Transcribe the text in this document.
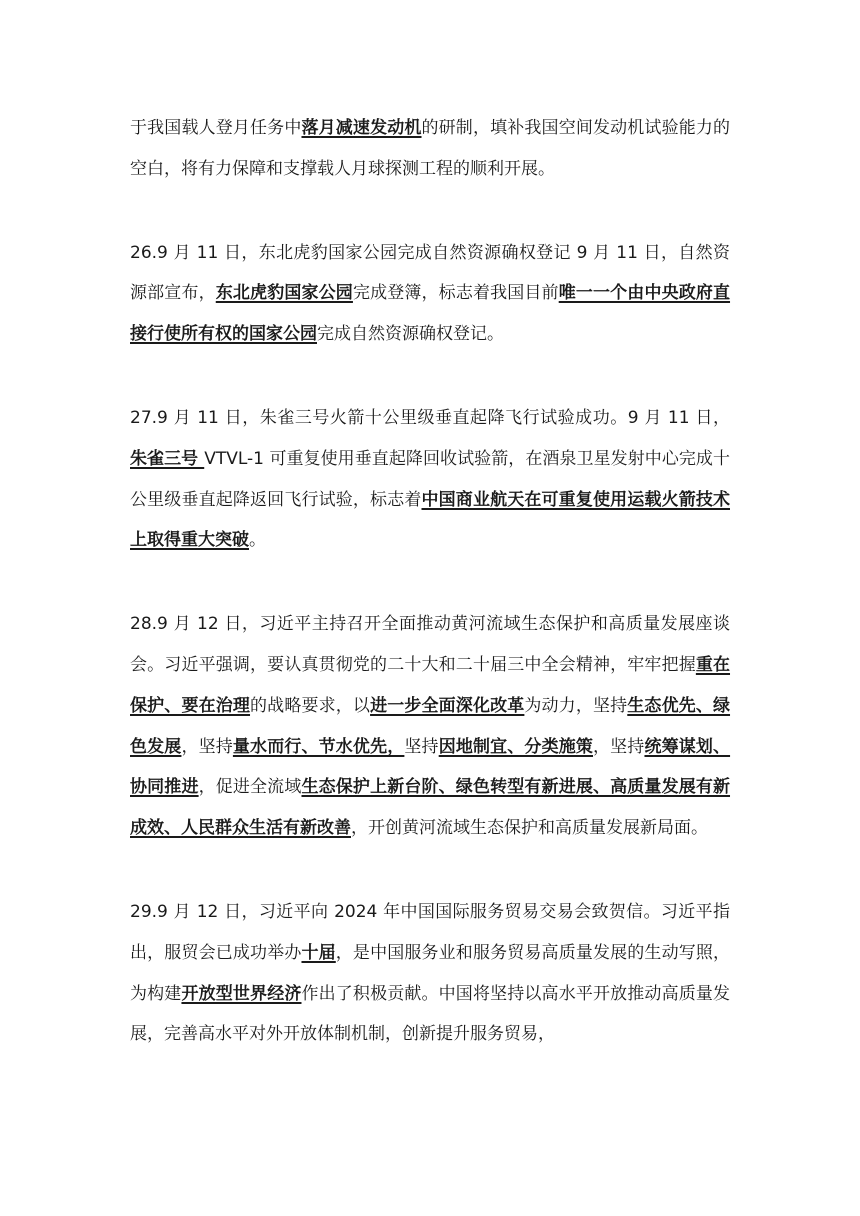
于我国载人登月任务中落月减速发动机的研制，填补我国空间发动机试验能力的空白，将有力保障和支撑载人月球探测工程的顺利开展。

26.9 月 11 日，东北虎豹国家公园完成自然资源确权登记 9 月 11 日，自然资源部宣布，东北虎豹国家公园完成登簿，标志着我国目前唯一一个由中央政府直接行使所有权的国家公园完成自然资源确权登记。

27.9 月 11 日，朱雀三号火箭十公里级垂直起降飞行试验成功。9 月 11 日，朱雀三号 VTVL-1 可重复使用垂直起降回收试验箭，在酒泉卫星发射中心完成十公里级垂直起降返回飞行试验，标志着中国商业航天在可重复使用运载火箭技术上取得重大突破。

28.9 月 12 日，习近平主持召开全面推动黄河流域生态保护和高质量发展座谈会。习近平强调，要认真贯彻党的二十大和二十届三中全会精神，牢牢把握重在保护、要在治理的战略要求，以进一步全面深化改革为动力，坚持生态优先、绿色发展，坚持量水而行、节水优先，坚持因地制宜、分类施策，坚持统筹谋划、协同推进，促进全流域生态保护上新台阶、绿色转型有新进展、高质量发展有新成效、人民群众生活有新改善，开创黄河流域生态保护和高质量发展新局面。

29.9 月 12 日，习近平向 2024 年中国国际服务贸易交易会致贺信。习近平指出，服贸会已成功举办十届，是中国服务业和服务贸易高质量发展的生动写照，为构建开放型世界经济作出了积极贡献。中国将坚持以高水平开放推动高质量发展，完善高水平对外开放体制机制，创新提升服务贸易，
